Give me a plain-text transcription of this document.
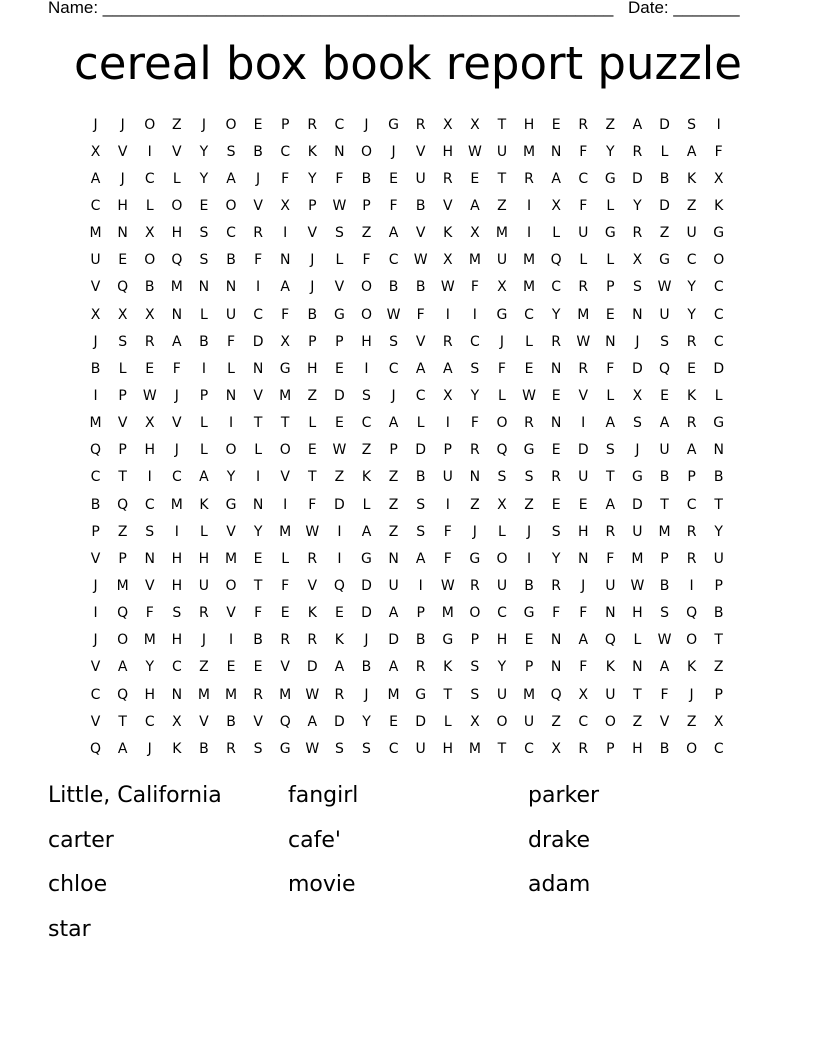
Name: ______________________________________________________ Date: _______
cereal box book report puzzle
J	J	O	Z	J	O	E	P	R	C	J	G	R	X	X	T	H	E	R	Z	A	D	S	I
X	V	I	V	Y	S	B	C	K	N	O	J	V	H	W	U	M	N	F	Y	R	L	A	F
A	J	C	L	Y	A	J	F	Y	F	B	E	U	R	E	T	R	A	C	G	D	B	K	X
C	H	L	O	E	O	V	X	P	W	P	F	B	V	A	Z	I	X	F	L	Y	D	Z	K
M	N	X	H	S	C	R	I	V	S	Z	A	V	K	X	M	I	L	U	G	R	Z	U	G
U	E	O	Q	S	B	F	N	J	L	F	C	W	X	M	U	M	Q	L	L	X	G	C	O
V	Q	B	M	N	N	I	A	J	V	O	B	B	W	F	X	M	C	R	P	S	W	Y	C
X	X	X	N	L	U	C	F	B	G	O	W	F	I	I	G	C	Y	M	E	N	U	Y	C
J	S	R	A	B	F	D	X	P	P	H	S	V	R	C	J	L	R	W	N	J	S	R	C
B	L	E	F	I	L	N	G	H	E	I	C	A	A	S	F	E	N	R	F	D	Q	E	D
I	P	W	J	P	N	V	M	Z	D	S	J	C	X	Y	L	W	E	V	L	X	E	K	L
M	V	X	V	L	I	T	T	L	E	C	A	L	I	F	O	R	N	I	A	S	A	R	G
Q	P	H	J	L	O	L	O	E	W	Z	P	D	P	R	Q	G	E	D	S	J	U	A	N
C	T	I	C	A	Y	I	V	T	Z	K	Z	B	U	N	S	S	R	U	T	G	B	P	B
B	Q	C	M	K	G	N	I	F	D	L	Z	S	I	Z	X	Z	E	E	A	D	T	C	T
P	Z	S	I	L	V	Y	M	W	I	A	Z	S	F	J	L	J	S	H	R	U	M	R	Y
V	P	N	H	H	M	E	L	R	I	G	N	A	F	G	O	I	Y	N	F	M	P	R	U
J	M	V	H	U	O	T	F	V	Q	D	U	I	W	R	U	B	R	J	U	W	B	I	P
I	Q	F	S	R	V	F	E	K	E	D	A	P	M	O	C	G	F	F	N	H	S	Q	B
J	O	M	H	J	I	B	R	R	K	J	D	B	G	P	H	E	N	A	Q	L	W	O	T
V	A	Y	C	Z	E	E	V	D	A	B	A	R	K	S	Y	P	N	F	K	N	A	K	Z
C	Q	H	N	M	M	R	M	W	R	J	M	G	T	S	U	M	Q	X	U	T	F	J	P
V	T	C	X	V	B	V	Q	A	D	Y	E	D	L	X	O	U	Z	C	O	Z	V	Z	X
Q	A	J	K	B	R	S	G	W	S	S	C	U	H	M	T	C	X	R	P	H	B	O	C
Little, California	fangirl	parker
carter	cafe'	drake
chloe	movie	adam
star
